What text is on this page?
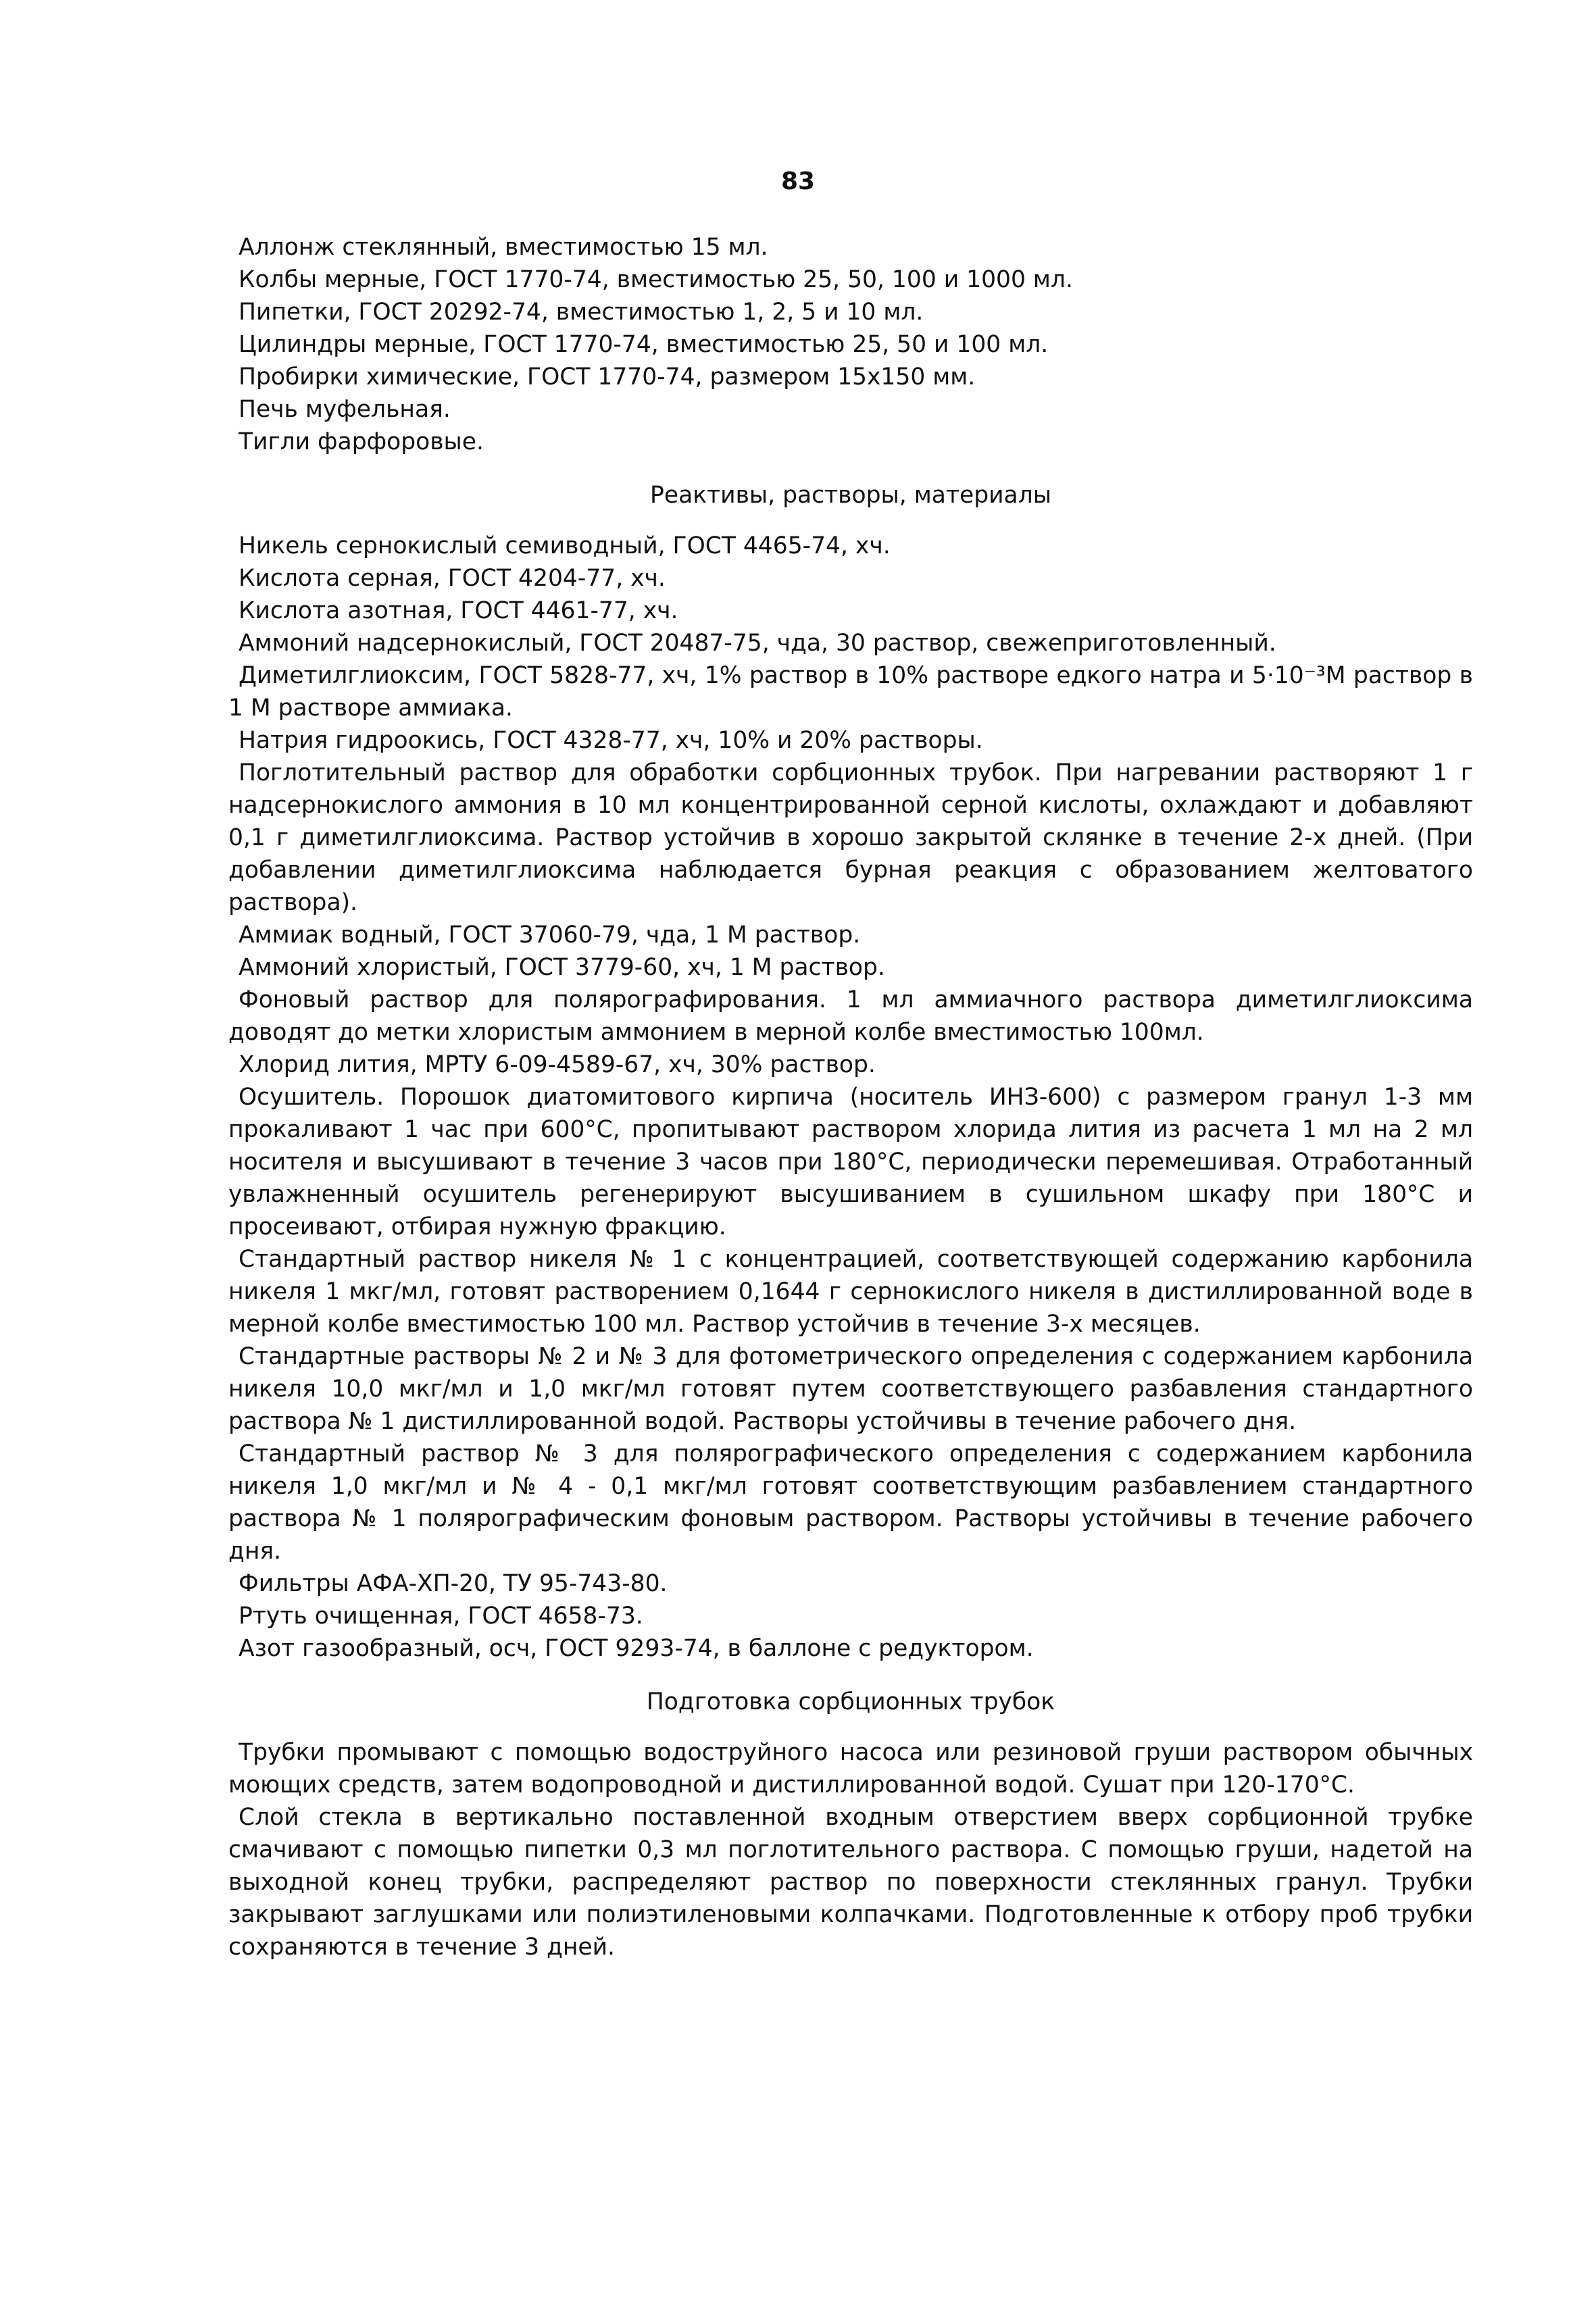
83

Аллонж стеклянный, вместимостью 15 мл.

Колбы мерные, ГОСТ 1770-74, вместимостью 25, 50, 100 и 1000 мл.

Пипетки, ГОСТ 20292-74, вместимостью 1, 2, 5 и 10 мл.

Цилиндры мерные, ГОСТ 1770-74, вместимостью 25, 50 и 100 мл.

Пробирки химические, ГОСТ 1770-74, размером 15х150 мм.

Печь муфельная.

Тигли фарфоровые.

Реактивы, растворы, материалы

Никель сернокислый семиводный, ГОСТ 4465-74, хч.

Кислота серная, ГОСТ 4204-77, хч.

Кислота азотная, ГОСТ 4461-77, хч.

Аммоний надсернокислый, ГОСТ 20487-75, чда, 30 раствор, свежеприготовленный.

Диметилглиоксим, ГОСТ 5828-77, хч, 1% раствор в 10% растворе едкого натра и 5·10⁻³М раствор в 1 М растворе аммиака.

Натрия гидроокись, ГОСТ 4328-77, хч, 10% и 20% растворы.

Поглотительный раствор для обработки сорбционных трубок. При нагревании растворяют 1 г надсернокислого аммония в 10 мл концентрированной серной кислоты, охлаждают и добавляют 0,1 г диметилглиоксима. Раствор устойчив в хорошо закрытой склянке в течение 2-х дней. (При добавлении диметилглиоксима наблюдается бурная реакция с образованием желтоватого раствора).

Аммиак водный, ГОСТ 37060-79, чда, 1 М раствор.

Аммоний хлористый, ГОСТ 3779-60, хч, 1 М раствор.

Фоновый раствор для полярографирования. 1 мл аммиачного раствора диметилглиоксима доводят до метки хлористым аммонием в мерной колбе вместимостью 100мл.

Хлорид лития, МРТУ 6-09-4589-67, хч, 30% раствор.

Осушитель. Порошок диатомитового кирпича (носитель ИНЗ-600) с размером гранул 1-3 мм прокаливают 1 час при 600°С, пропитывают раствором хлорида лития из расчета 1 мл на 2 мл носителя и высушивают в течение 3 часов при 180°С, периодически перемешивая. Отработанный увлажненный осушитель регенерируют высушиванием в сушильном шкафу при 180°С и просеивают, отбирая нужную фракцию.

Стандартный раствор никеля № 1 с концентрацией, соответствующей содержанию карбонила никеля 1 мкг/мл, готовят растворением 0,1644 г сернокислого никеля в дистиллированной воде в мерной колбе вместимостью 100 мл. Раствор устойчив в течение 3-х месяцев.

Стандартные растворы № 2 и № 3 для фотометрического определения с содержанием карбонила никеля 10,0 мкг/мл и 1,0 мкг/мл готовят путем соответствующего разбавления стандартного раствора № 1 дистиллированной водой. Растворы устойчивы в течение рабочего дня.

Стандартный раствор № 3 для полярографического определения с содержанием карбонила никеля 1,0 мкг/мл и № 4 - 0,1 мкг/мл готовят соответствующим разбавлением стандартного раствора № 1 полярографическим фоновым раствором. Растворы устойчивы в течение рабочего дня.

Фильтры АФА-ХП-20, ТУ 95-743-80.

Ртуть очищенная, ГОСТ 4658-73.

Азот газообразный, осч, ГОСТ 9293-74, в баллоне с редуктором.

Подготовка сорбционных трубок

Трубки промывают с помощью водоструйного насоса или резиновой груши раствором обычных моющих средств, затем водопроводной и дистиллированной водой. Сушат при 120-170°С.

Слой стекла в вертикально поставленной входным отверстием вверх сорбционной трубке смачивают с помощью пипетки 0,3 мл поглотительного раствора. С помощью груши, надетой на выходной конец трубки, распределяют раствор по поверхности стеклянных гранул. Трубки закрывают заглушками или полиэтиленовыми колпачками. Подготовленные к отбору проб трубки сохраняются в течение 3 дней.
